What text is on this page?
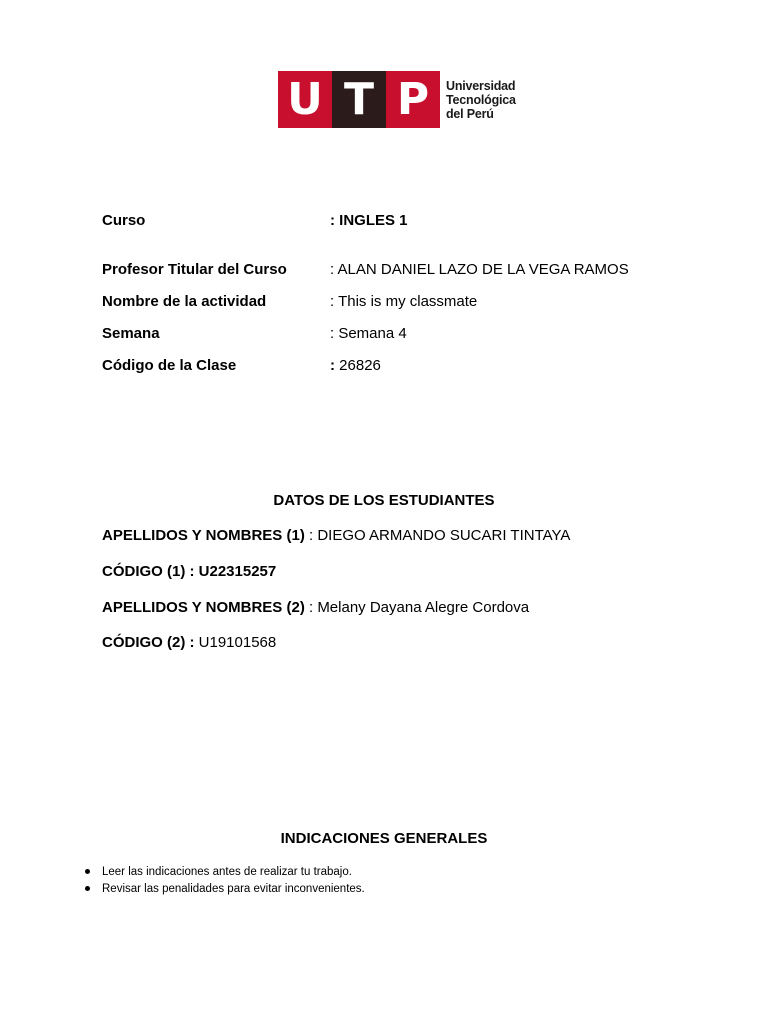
U T P	Universidad
Tecnológica
del Perú
Curso	: INGLES 1
Profesor Titular del Curso	: ALAN DANIEL LAZO DE LA VEGA RAMOS
Nombre de la actividad	: This is my classmate
Semana	: Semana 4
Código de la Clase	: 26826
DATOS DE LOS ESTUDIANTES
APELLIDOS Y NOMBRES (1) : DIEGO ARMANDO SUCARI TINTAYA
CÓDIGO (1) : U22315257
APELLIDOS Y NOMBRES (2) : Melany Dayana Alegre Cordova
CÓDIGO (2) : U19101568
INDICACIONES GENERALES
Leer las indicaciones antes de realizar tu trabajo.
Revisar las penalidades para evitar inconvenientes.
